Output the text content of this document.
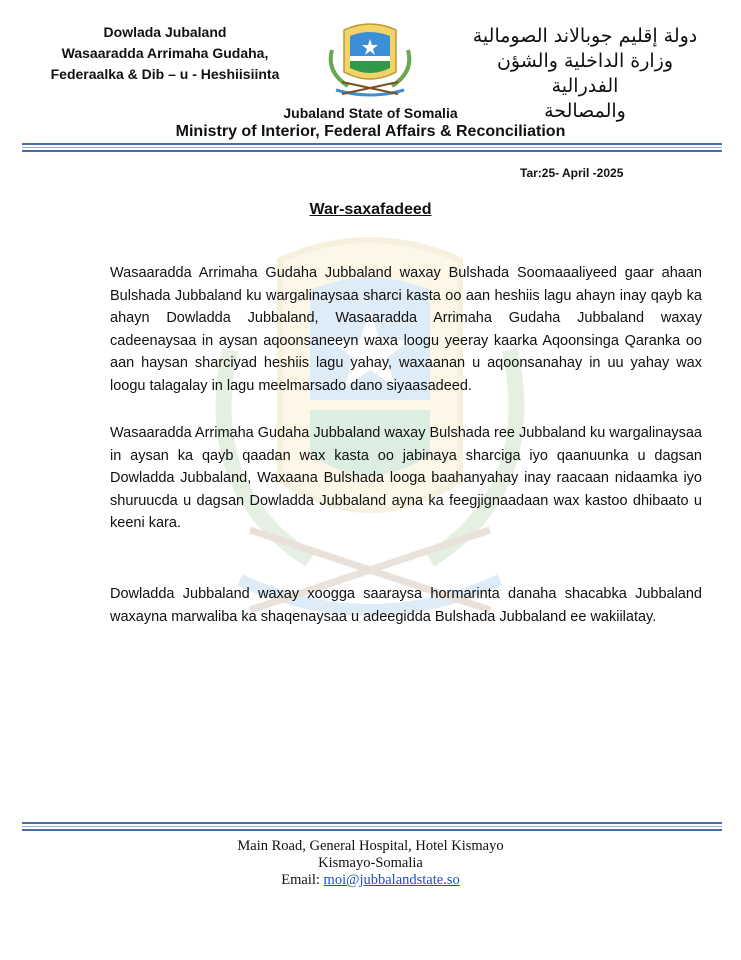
Dowlada Jubaland
Wasaaradda Arrimaha Gudaha,
Federaalka & Dib – u - Heshiisiinta
دولة إقليم جوبالاند الصومالية
وزارة الداخلية والشؤن الفدرالية
والمصالحة
Jubaland State of Somalia
Ministry of Interior, Federal Affairs & Reconciliation
Tar:25- April -2025
War-saxafadeed

Wasaaradda Arrimaha Gudaha Jubbaland waxay Bulshada Soomaaaliyeed gaar ahaan Bulshada Jubbaland ku wargalinaysaa sharci kasta oo aan heshiis lagu ahayn inay qayb ka ahayn Dowladda Jubbaland, Wasaaradda Arrimaha Gudaha Jubbaland waxay cadeenaysaa in aysan aqoonsaneeyn waxa loogu yeeray kaarka Aqoonsinga Qaranka oo aan haysan sharciyad heshiis lagu yahay, waxaanan u aqoonsanahay in uu yahay wax loogu talagalay in lagu meelmarsado dano siyaasadeed.

Wasaaradda Arrimaha Gudaha Jubbaland waxay Bulshada ree Jubbaland ku wargalinaysaa in aysan ka qayb qaadan wax kasta oo jabinaya sharciga iyo qaanuunka u dagsan Dowladda Jubbaland, Waxaana Bulshada looga baahanyahay inay raacaan nidaamka iyo shuruucda u dagsan Dowladda Jubbaland ayna ka feegjignaadaan wax kastoo dhibaato u keeni kara.

Dowladda Jubbaland waxay xoogga saaraysa hormarinta danaha shacabka Jubbaland waxayna marwaliba ka shaqenaysaa u adeegidda Bulshada Jubbaland ee wakiilatay.

Main Road, General Hospital, Hotel Kismayo
Kismayo-Somalia
Email: moi@jubbalandstate.so
